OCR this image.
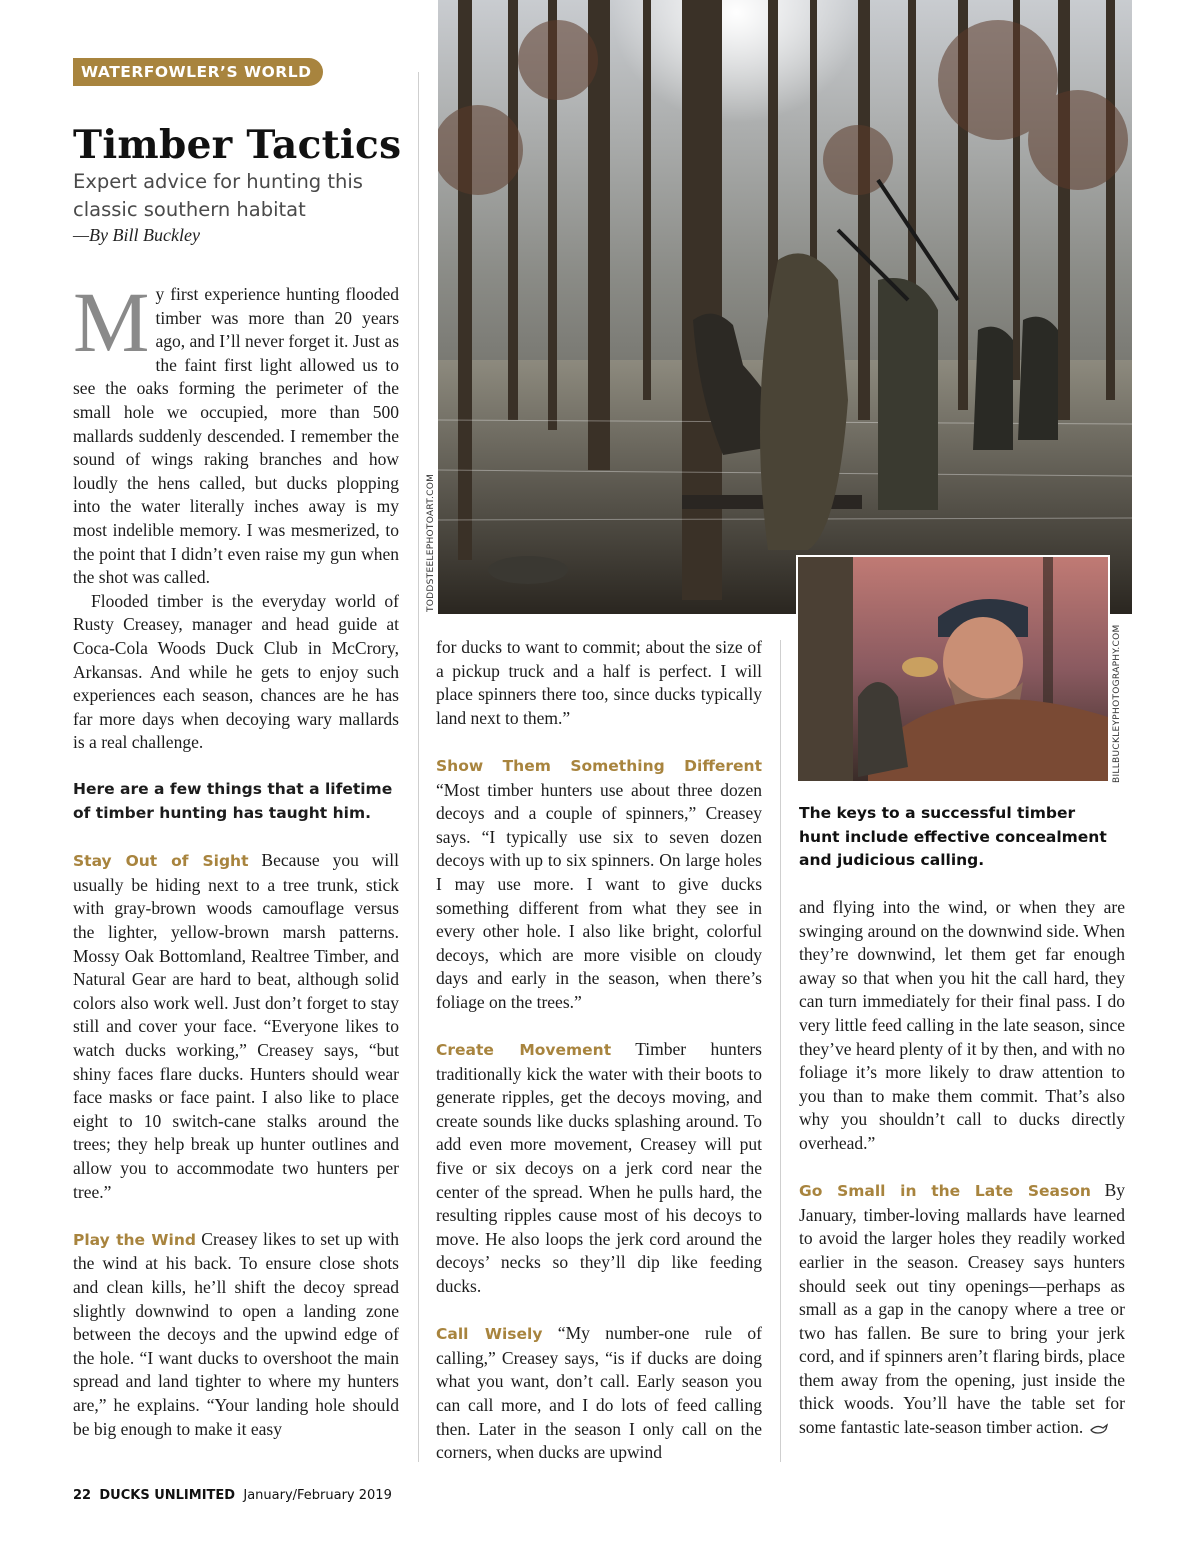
WATERFOWLER’S WORLD
Timber Tactics

Expert advice for hunting this classic southern habitat

—By Bill Buckley

My first experience hunting flooded timber was more than 20 years ago, and I’ll never forget it. Just as the faint first light allowed us to see the oaks forming the perimeter of the small hole we occupied, more than 500 mallards suddenly descended. I remember the sound of wings raking branches and how loudly the hens called, but ducks plopping into the water literally inches away is my most indelible memory. I was mesmerized, to the point that I didn’t even raise my gun when the shot was called.

Flooded timber is the everyday world of Rusty Creasey, manager and head guide at Coca-Cola Woods Duck Club in McCrory, Arkansas. And while he gets to enjoy such experiences each season, chances are he has far more days when decoying wary mallards is a real challenge.

Here are a few things that a lifetime of timber hunting has taught him.

Stay Out of Sight Because you will usually be hiding next to a tree trunk, stick with gray-brown woods camouflage versus the lighter, yellow-brown marsh patterns. Mossy Oak Bottomland, Realtree Timber, and Natural Gear are hard to beat, although solid colors also work well. Just don’t forget to stay still and cover your face. “Everyone likes to watch ducks working,” Creasey says, “but shiny faces flare ducks. Hunters should wear face masks or face paint. I also like to place eight to 10 switch-cane stalks around the trees; they help break up hunter outlines and allow you to accommodate two hunters per tree.”

Play the Wind Creasey likes to set up with the wind at his back. To ensure close shots and clean kills, he’ll shift the decoy spread slightly downwind to open a landing zone between the decoys and the upwind edge of the hole. “I want ducks to overshoot the main spread and land tighter to where my hunters are,” he explains. “Your landing hole should be big enough to make it easy

TODDSTEELEPHOTOART.COM
BILLBUCKLEYPHOTOGRAPHY.COM

for ducks to want to commit; about the size of a pickup truck and a half is perfect. I will place spinners there too, since ducks typically land next to them.”

Show Them Something Different “Most timber hunters use about three dozen decoys and a couple of spinners,” Creasey says. “I typically use six to seven dozen decoys with up to six spinners. On large holes I may use more. I want to give ducks something different from what they see in every other hole. I also like bright, colorful decoys, which are more visible on cloudy days and early in the season, when there’s foliage on the trees.”

Create Movement Timber hunters traditionally kick the water with their boots to generate ripples, get the decoys moving, and create sounds like ducks splashing around. To add even more movement, Creasey will put five or six decoys on a jerk cord near the center of the spread. When he pulls hard, the resulting ripples cause most of his decoys to move. He also loops the jerk cord around the decoys’ necks so they’ll dip like feeding ducks.

Call Wisely “My number-one rule of calling,” Creasey says, “is if ducks are doing what you want, don’t call. Early season you can call more, and I do lots of feed calling then. Later in the season I only call on the corners, when ducks are upwind

The keys to a successful timber hunt include effective concealment and judicious calling.

and flying into the wind, or when they are swinging around on the downwind side. When they’re downwind, let them get far enough away so that when you hit the call hard, they can turn immediately for their final pass. I do very little feed calling in the late season, since they’ve heard plenty of it by then, and with no foliage it’s more likely to draw attention to you than to make them commit. That’s also why you shouldn’t call to ducks directly overhead.”

Go Small in the Late Season By January, timber-loving mallards have learned to avoid the larger holes they readily worked earlier in the season. Creasey says hunters should seek out tiny openings—perhaps as small as a gap in the canopy where a tree or two has fallen. Be sure to bring your jerk cord, and if spinners aren’t flaring birds, place them away from the opening, just inside the thick woods. You’ll have the table set for some fantastic late-season timber action.

22 DUCKS UNLIMITED January/February 2019
